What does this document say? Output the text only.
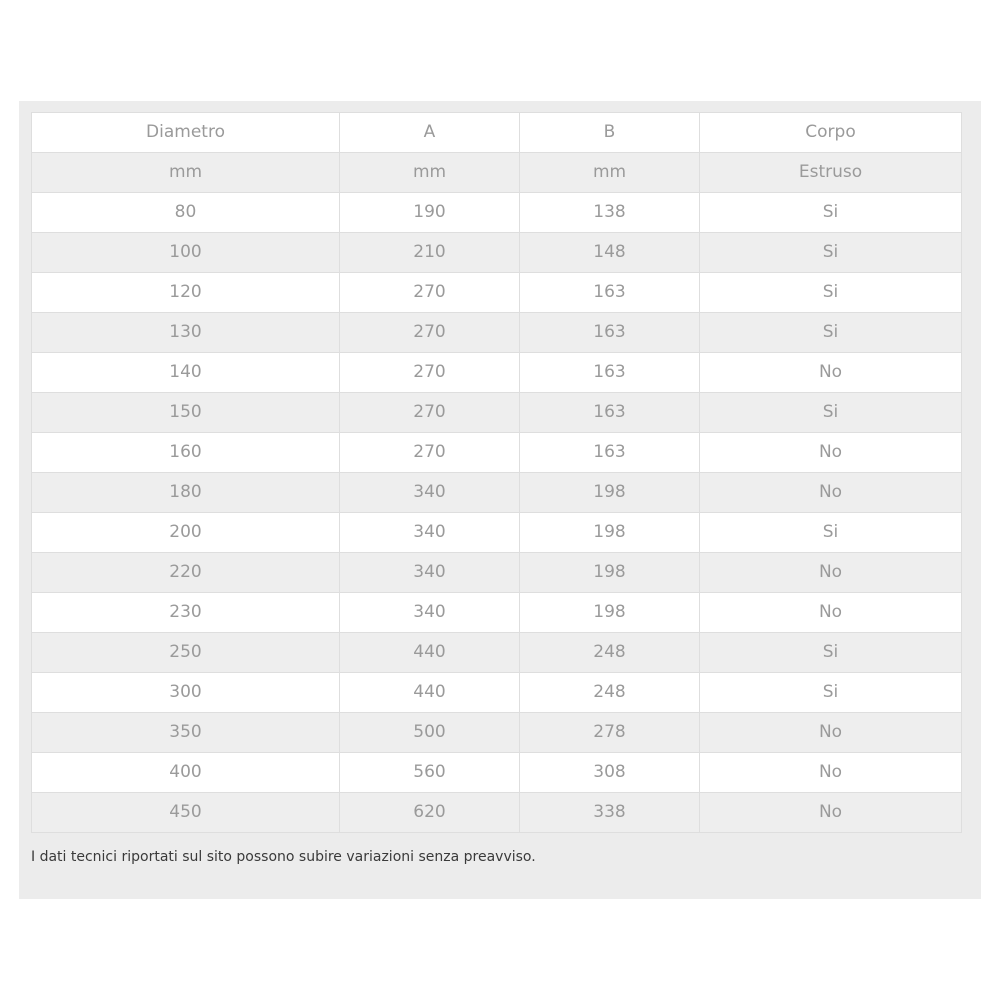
Diametro	A	B	Corpo
mm	mm	mm	Estruso
80	190	138	Si
100	210	148	Si
120	270	163	Si
130	270	163	Si
140	270	163	No
150	270	163	Si
160	270	163	No
180	340	198	No
200	340	198	Si
220	340	198	No
230	340	198	No
250	440	248	Si
300	440	248	Si
350	500	278	No
400	560	308	No
450	620	338	No
I dati tecnici riportati sul sito possono subire variazioni senza preavviso.
